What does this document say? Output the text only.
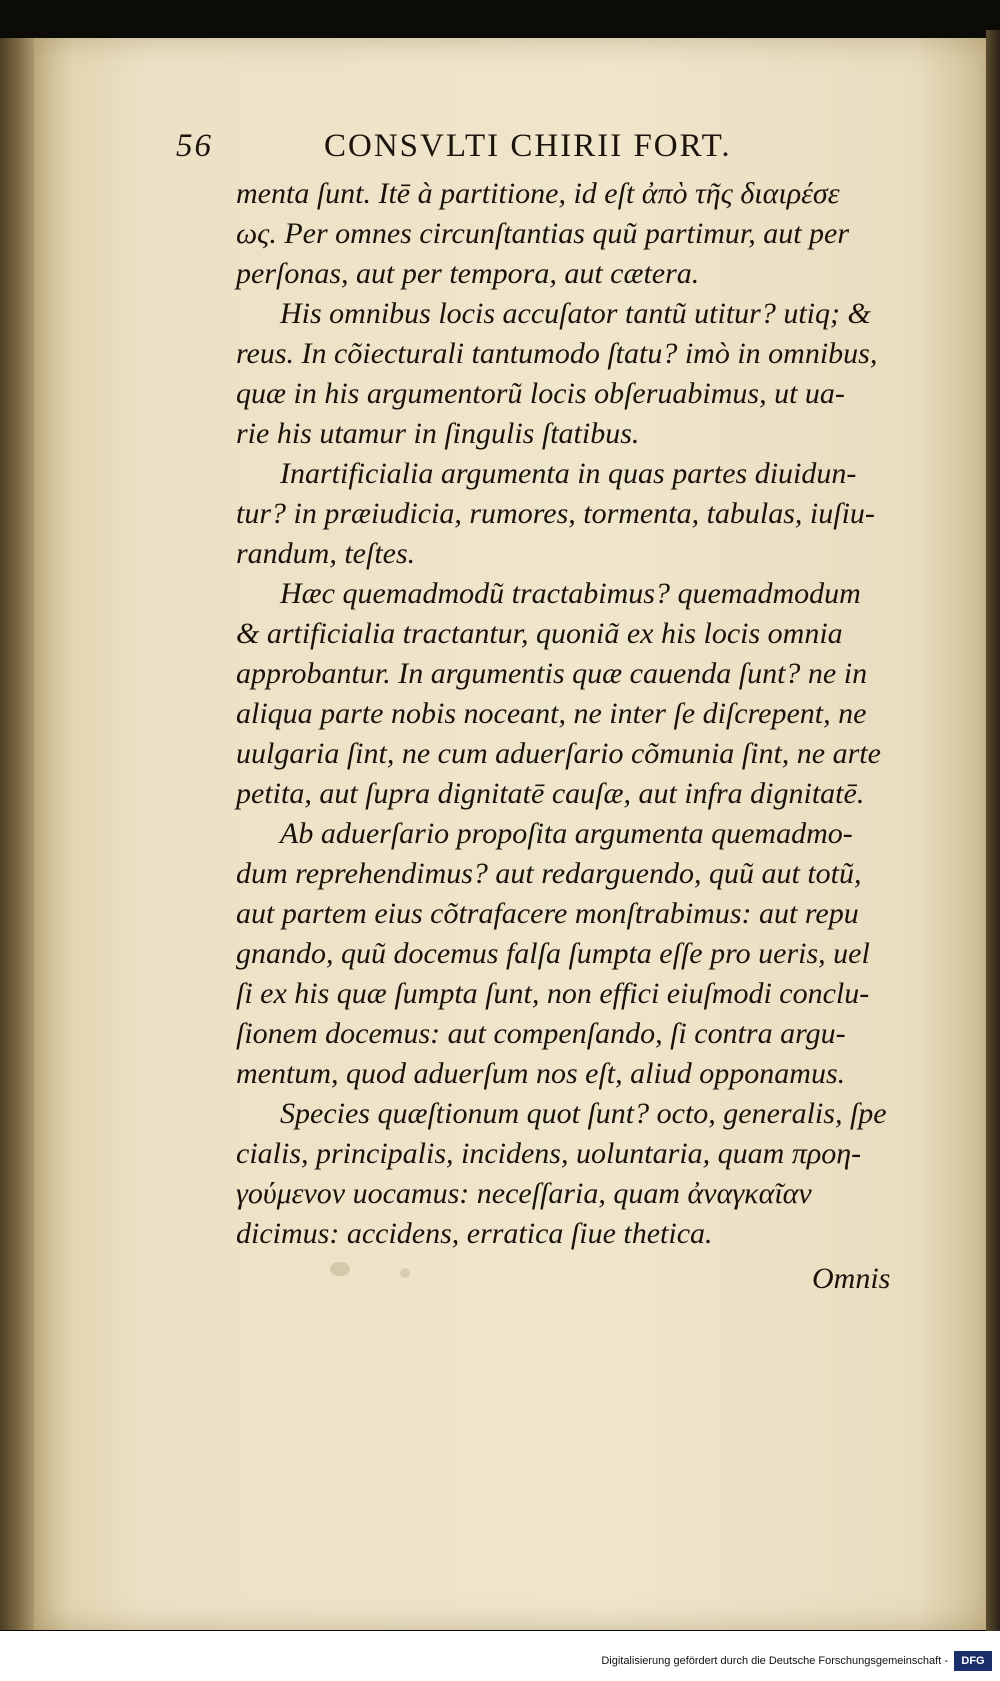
56	CONSVLTI CHIRII FORT.
menta ſunt. Itē à partitione, id eſt ἀπὸ τῆς διαιρέσε
ως. Per omnes circunſtantias quũ partimur, aut per
perſonas, aut per tempora, aut cætera.
His omnibus locis accuſator tantũ utitur? utiq; &
reus. In cõiecturali tantumodo ſtatu? imò in omnibus,
quæ in his argumentorũ locis obſeruabimus, ut ua-
rie his utamur in ſingulis ſtatibus.
Inartificialia argumenta in quas partes diuidun-
tur? in præiudicia, rumores, tormenta, tabulas, iuſiu-
randum, teſtes.
Hæc quemadmodũ tractabimus? quemadmodum
& artificialia tractantur, quoniã ex his locis omnia
approbantur. In argumentis quæ cauenda ſunt? ne in
aliqua parte nobis noceant, ne inter ſe diſcrepent, ne
uulgaria ſint, ne cum aduerſario cõmunia ſint, ne arte
petita, aut ſupra dignitatē cauſæ, aut infra dignitatē.
Ab aduerſario propoſita argumenta quemadmo-
dum reprehendimus? aut redarguendo, quũ aut totũ,
aut partem eius cõtrafacere monſtrabimus: aut repu
gnando, quũ docemus falſa ſumpta eſſe pro ueris, uel
ſi ex his quæ ſumpta ſunt, non effici eiuſmodi conclu-
ſionem docemus: aut compenſando, ſi contra argu-
mentum, quod aduerſum nos eſt, aliud opponamus.
Species quæſtionum quot ſunt? octo, generalis, ſpe
cialis, principalis, incidens, uoluntaria, quam προη-
γούμενον uocamus: neceſſaria, quam ἀναγκαῖαν
dicimus: accidens, erratica ſiue thetica.
Omnis
Digitalisierung gefördert durch die Deutsche Forschungsgemeinschaft -	DFG
